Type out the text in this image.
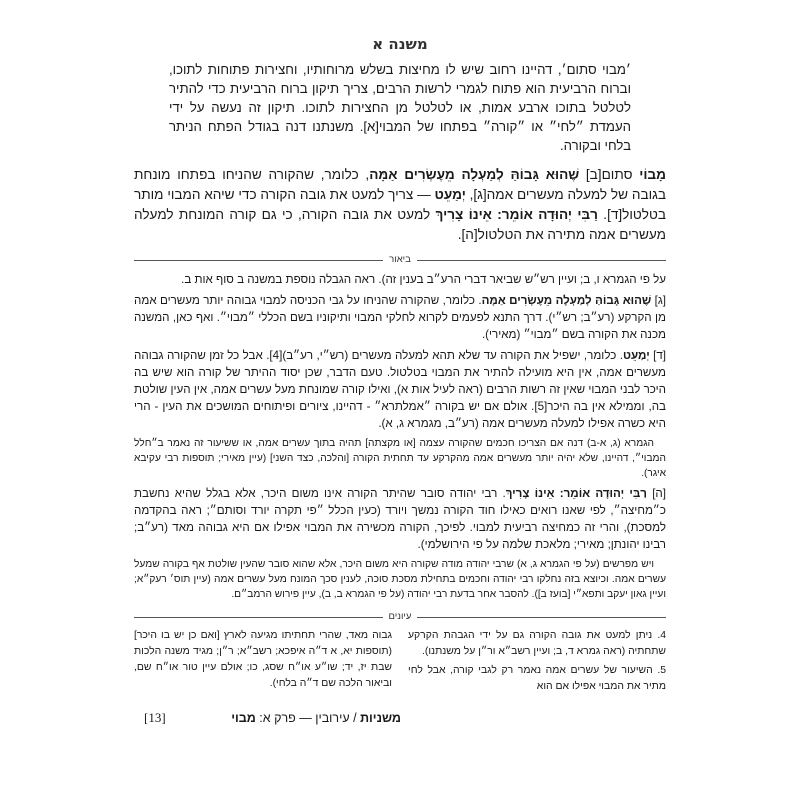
משנה א

׳מבוי סתום׳, דהיינו רחוב שיש לו מחיצות בשלש מרוחותיו, וחצירות פתוחות לתוכו, וברוח הרביעית הוא פתוח לגמרי לרשות הרבים, צריך תיקון ברוח הרביעית כדי להתיר לטלטל בתוכו ארבע אמות, או לטלטל מן החצירות לתוכו. תיקון זה נעשה על ידי העמדת ״לחי״ או ״קורה״ בפתחו של המבוי[א]. משנתנו דנה בגודל הפתח הניתר בלחי ובקורה.

מָבוֹי סתום[ב] שֶׁהוּא גָּבוֹהַּ לְמַעְלָה מֵעֶשְׂרִים אַמָּה, כלומר, שהקורה שהניחו בפתחו מונחת בגובה של למעלה מעשרים אמה[ג], יְמַעֵט — צריך למעט את גובה הקורה כדי שיהא המבוי מותר בטלטול[ד]. רַבִּי יְהוּדָה אוֹמֵר: אֵינוֹ צָרִיךְ למעט את גובה הקורה, כי גם קורה המונחת למעלה מעשרים אמה מתירה את הטלטול[ה].

ביאור

על פי הגמרא ו, ב; ועיין רש״ש שביאר דברי הרע״ב בענין זה). ראה הגבלה נוספת במשנה ב סוף אות ב.

[ג] שֶׁהוּא גָּבוֹהַּ לְמַעְלָה מֵעֶשְׂרִים אַמָּה. כלומר, שהקורה שהניחו על גבי הכניסה למבוי גבוהה יותר מעשרים אמה מן הקרקע (רע״ב; רש״י). דרך התנא לפעמים לקרוא לחלקי המבוי ותיקוניו בשם הכללי ״מבוי״. ואף כאן, המשנה מכנה את הקורה בשם ״מבוי״ (מאירי).

[ד] יְמַעֵט. כלומר, ישפיל את הקורה עד שלא תהא למעלה מעשרים (רש״י, רע״ב)[4]. אבל כל זמן שהקורה גבוהה מעשרים אמה, אין היא מועילה להתיר את המבוי בטלטול. טעם הדבר, שכן יסוד ההיתר של קורה הוא שיש בה היכר לבני המבוי שאין זה רשות הרבים (ראה לעיל אות א), ואילו קורה שמונחת מעל עשרים אמה, אין העין שולטת בה, וממילא אין בה היכר[5]. אולם אם יש בקורה ״אמלתרא״ - דהיינו, ציורים ופיתוחים המושכים את העין - הרי היא כשרה אפילו למעלה מעשרים אמה (רע״ב, מגמרא ג, א).

הגמרא (ג, א-ב) דנה אם הצריכו חכמים שהקורה עצמה [או מקצתה] תהיה בתוך עשרים אמה, או ששיעור זה נאמר ב״חלל המבוי״, דהיינו, שלא יהיה יותר מעשרים אמה מהקרקע עד תחתית הקורה [והלכה, כצד השני] (עיין מאירי; תוספות רבי עקיבא איגר).

[ה] רַבִּי יְהוּדָה אוֹמֵר: אֵינוֹ צָרִיךְ. רבי יהודה סובר שהיתר הקורה אינו משום היכר, אלא בגלל שהיא נחשבת כ״מחיצה״, לפי שאנו רואים כאילו חוד הקורה נמשך ויורד (כעין הכלל ״פי תקרה יורד וסותם״; ראה בהקדמה למסכת), והרי זה כמחיצה רביעית למבוי. לפיכך, הקורה מכשירה את המבוי אפילו אם היא גבוהה מאד (רע״ב; רבינו יהונתן; מאירי; מלאכת שלמה על פי הירושלמי).

ויש מפרשים (על פי הגמרא ג, א) שרבי יהודה מודה שקורה היא משום היכר, אלא שהוא סובר שהעין שולטת אף בקורה שמעל עשרים אמה. וכיוצא בזה נחלקו רבי יהודה וחכמים בתחילת מסכת סוכה, לענין סכך המונח מעל עשרים אמה (עיין תוס׳ רעק״א; ועיין גאון יעקב ותפא״י [בועז ב]). להסבר אחר בדעת רבי יהודה (על פי הגמרא ב, ב), עיין פירוש הרמב״ם.

עיונים

4. ניתן למעט את גובה הקורה גם על ידי הגבהת הקרקע שתחתיה (ראה גמרא ד, ב; ועיין רשב״א ור״ן על משנתנו).

5. השיעור של עשרים אמה נאמר רק לגבי קורה, אבל לחי מתיר את המבוי אפילו אם הוא

גבוה מאד, שהרי תחתיתו מגיעה לארץ [ואם כן יש בו היכר] (תוספות יא, א ד״ה איפכא; רשב״א; ר״ן; מגיד משנה הלכות שבת יז, יד; שו״ע או״ח שסג, כו; אולם עיין טור או״ח שם, וביאור הלכה שם ד״ה בלחי).

משניות / עירובין — פרק א: מבוי
[13]
